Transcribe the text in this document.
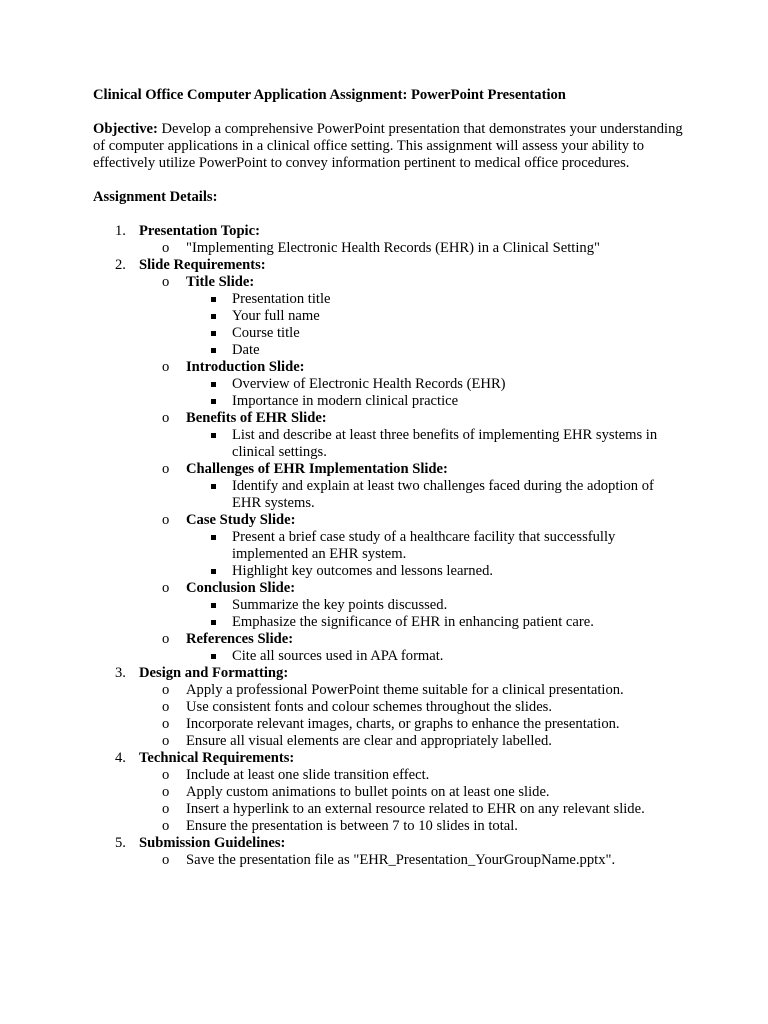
Clinical Office Computer Application Assignment: PowerPoint Presentation

Objective: Develop a comprehensive PowerPoint presentation that demonstrates your understanding of computer applications in a clinical office setting. This assignment will assess your ability to effectively utilize PowerPoint to convey information pertinent to medical office procedures.

Assignment Details:

1. Presentation Topic:
o "Implementing Electronic Health Records (EHR) in a Clinical Setting"
2. Slide Requirements:
o Title Slide:
Presentation title
Your full name
Course title
Date
o Introduction Slide:
Overview of Electronic Health Records (EHR)
Importance in modern clinical practice
o Benefits of EHR Slide:
List and describe at least three benefits of implementing EHR systems in clinical settings.
o Challenges of EHR Implementation Slide:
Identify and explain at least two challenges faced during the adoption of EHR systems.
o Case Study Slide:
Present a brief case study of a healthcare facility that successfully implemented an EHR system.
Highlight key outcomes and lessons learned.
o Conclusion Slide:
Summarize the key points discussed.
Emphasize the significance of EHR in enhancing patient care.
o References Slide:
Cite all sources used in APA format.
3. Design and Formatting:
o Apply a professional PowerPoint theme suitable for a clinical presentation.
o Use consistent fonts and colour schemes throughout the slides.
o Incorporate relevant images, charts, or graphs to enhance the presentation.
o Ensure all visual elements are clear and appropriately labelled.
4. Technical Requirements:
o Include at least one slide transition effect.
o Apply custom animations to bullet points on at least one slide.
o Insert a hyperlink to an external resource related to EHR on any relevant slide.
o Ensure the presentation is between 7 to 10 slides in total.
5. Submission Guidelines:
o Save the presentation file as "EHR_Presentation_YourGroupName.pptx".
